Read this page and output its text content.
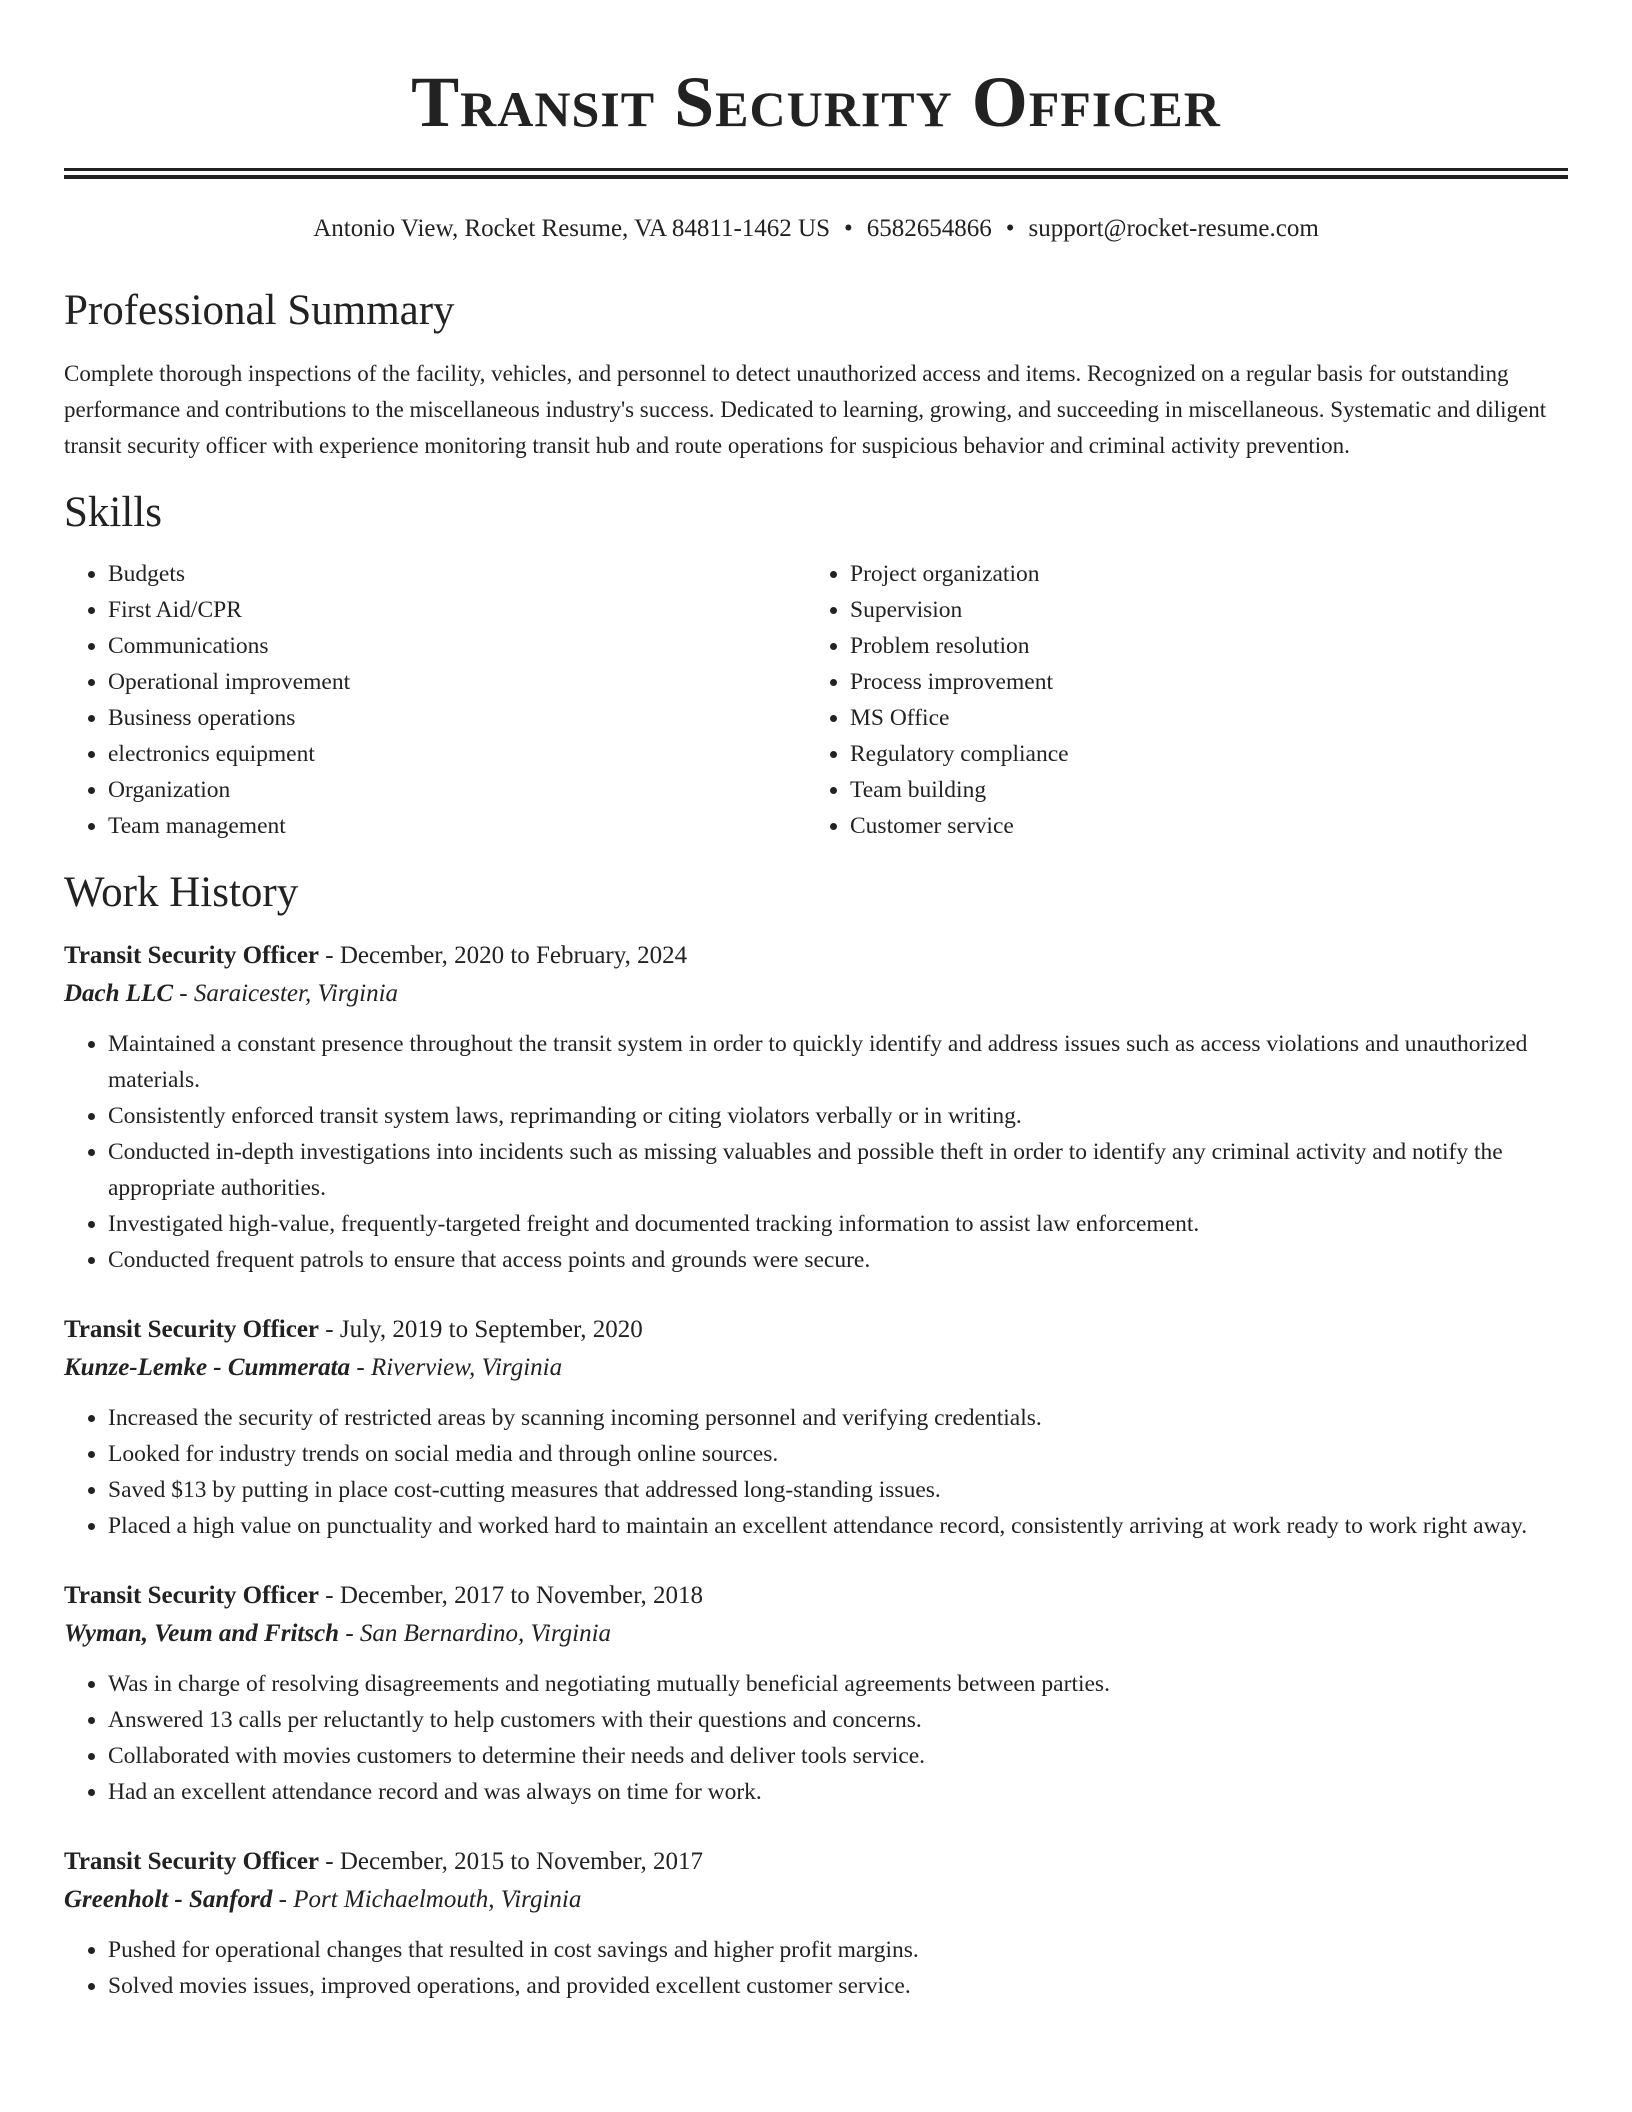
Transit Security Officer
Antonio View, Rocket Resume, VA 84811-1462 US • 6582654866 • support@rocket-resume.com
Professional Summary

Complete thorough inspections of the facility, vehicles, and personnel to detect unauthorized access and items. Recognized on a regular basis for outstanding performance and contributions to the miscellaneous industry's success. Dedicated to learning, growing, and succeeding in miscellaneous. Systematic and diligent transit security officer with experience monitoring transit hub and route operations for suspicious behavior and criminal activity prevention.

Skills
• Budgets
• First Aid/CPR
• Communications
• Operational improvement
• Business operations
• electronics equipment
• Organization
• Team management
• Project organization
• Supervision
• Problem resolution
• Process improvement
• MS Office
• Regulatory compliance
• Team building
• Customer service
Work History
Transit Security Officer - December, 2020 to February, 2024
Dach LLC - Saraicester, Virginia
• Maintained a constant presence throughout the transit system in order to quickly identify and address issues such as access violations and unauthorized materials.
• Consistently enforced transit system laws, reprimanding or citing violators verbally or in writing.
• Conducted in-depth investigations into incidents such as missing valuables and possible theft in order to identify any criminal activity and notify the appropriate authorities.
• Investigated high-value, frequently-targeted freight and documented tracking information to assist law enforcement.
• Conducted frequent patrols to ensure that access points and grounds were secure.
Transit Security Officer - July, 2019 to September, 2020
Kunze-Lemke - Cummerata - Riverview, Virginia
• Increased the security of restricted areas by scanning incoming personnel and verifying credentials.
• Looked for industry trends on social media and through online sources.
• Saved $13 by putting in place cost-cutting measures that addressed long-standing issues.
• Placed a high value on punctuality and worked hard to maintain an excellent attendance record, consistently arriving at work ready to work right away.
Transit Security Officer - December, 2017 to November, 2018
Wyman, Veum and Fritsch - San Bernardino, Virginia
• Was in charge of resolving disagreements and negotiating mutually beneficial agreements between parties.
• Answered 13 calls per reluctantly to help customers with their questions and concerns.
• Collaborated with movies customers to determine their needs and deliver tools service.
• Had an excellent attendance record and was always on time for work.
Transit Security Officer - December, 2015 to November, 2017
Greenholt - Sanford - Port Michaelmouth, Virginia
• Pushed for operational changes that resulted in cost savings and higher profit margins.
• Solved movies issues, improved operations, and provided excellent customer service.
